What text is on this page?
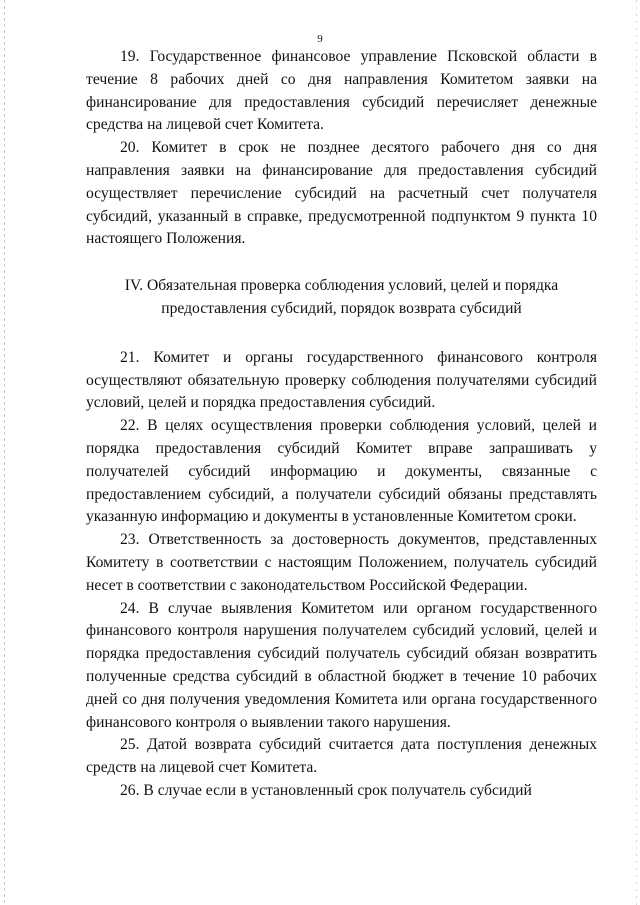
9

19. Государственное финансовое управление Псковской области в течение 8 рабочих дней со дня направления Комитетом заявки на финансирование для предоставления субсидий перечисляет денежные средства на лицевой счет Комитета.

20. Комитет в срок не позднее десятого рабочего дня со дня направления заявки на финансирование для предоставления субсидий осуществляет перечисление субсидий на расчетный счет получателя субсидий, указанный в справке, предусмотренной подпунктом 9 пункта 10 настоящего Положения.

IV. Обязательная проверка соблюдения условий, целей и порядка
предоставления субсидий, порядок возврата субсидий

21. Комитет и органы государственного финансового контроля осуществляют обязательную проверку соблюдения получателями субсидий условий, целей и порядка предоставления субсидий.

22. В целях осуществления проверки соблюдения условий, целей и порядка предоставления субсидий Комитет вправе запрашивать у получателей субсидий информацию и документы, связанные с предоставлением субсидий, а получатели субсидий обязаны представлять указанную информацию и документы в установленные Комитетом сроки.

23. Ответственность за достоверность документов, представленных Комитету в соответствии с настоящим Положением, получатель субсидий несет в соответствии с законодательством Российской Федерации.

24. В случае выявления Комитетом или органом государственного финансового контроля нарушения получателем субсидий условий, целей и порядка предоставления субсидий получатель субсидий обязан возвратить полученные средства субсидий в областной бюджет в течение 10 рабочих дней со дня получения уведомления Комитета или органа государственного финансового контроля о выявлении такого нарушения.

25. Датой возврата субсидий считается дата поступления денежных средств на лицевой счет Комитета.

26. В случае если в установленный срок получатель субсидий
